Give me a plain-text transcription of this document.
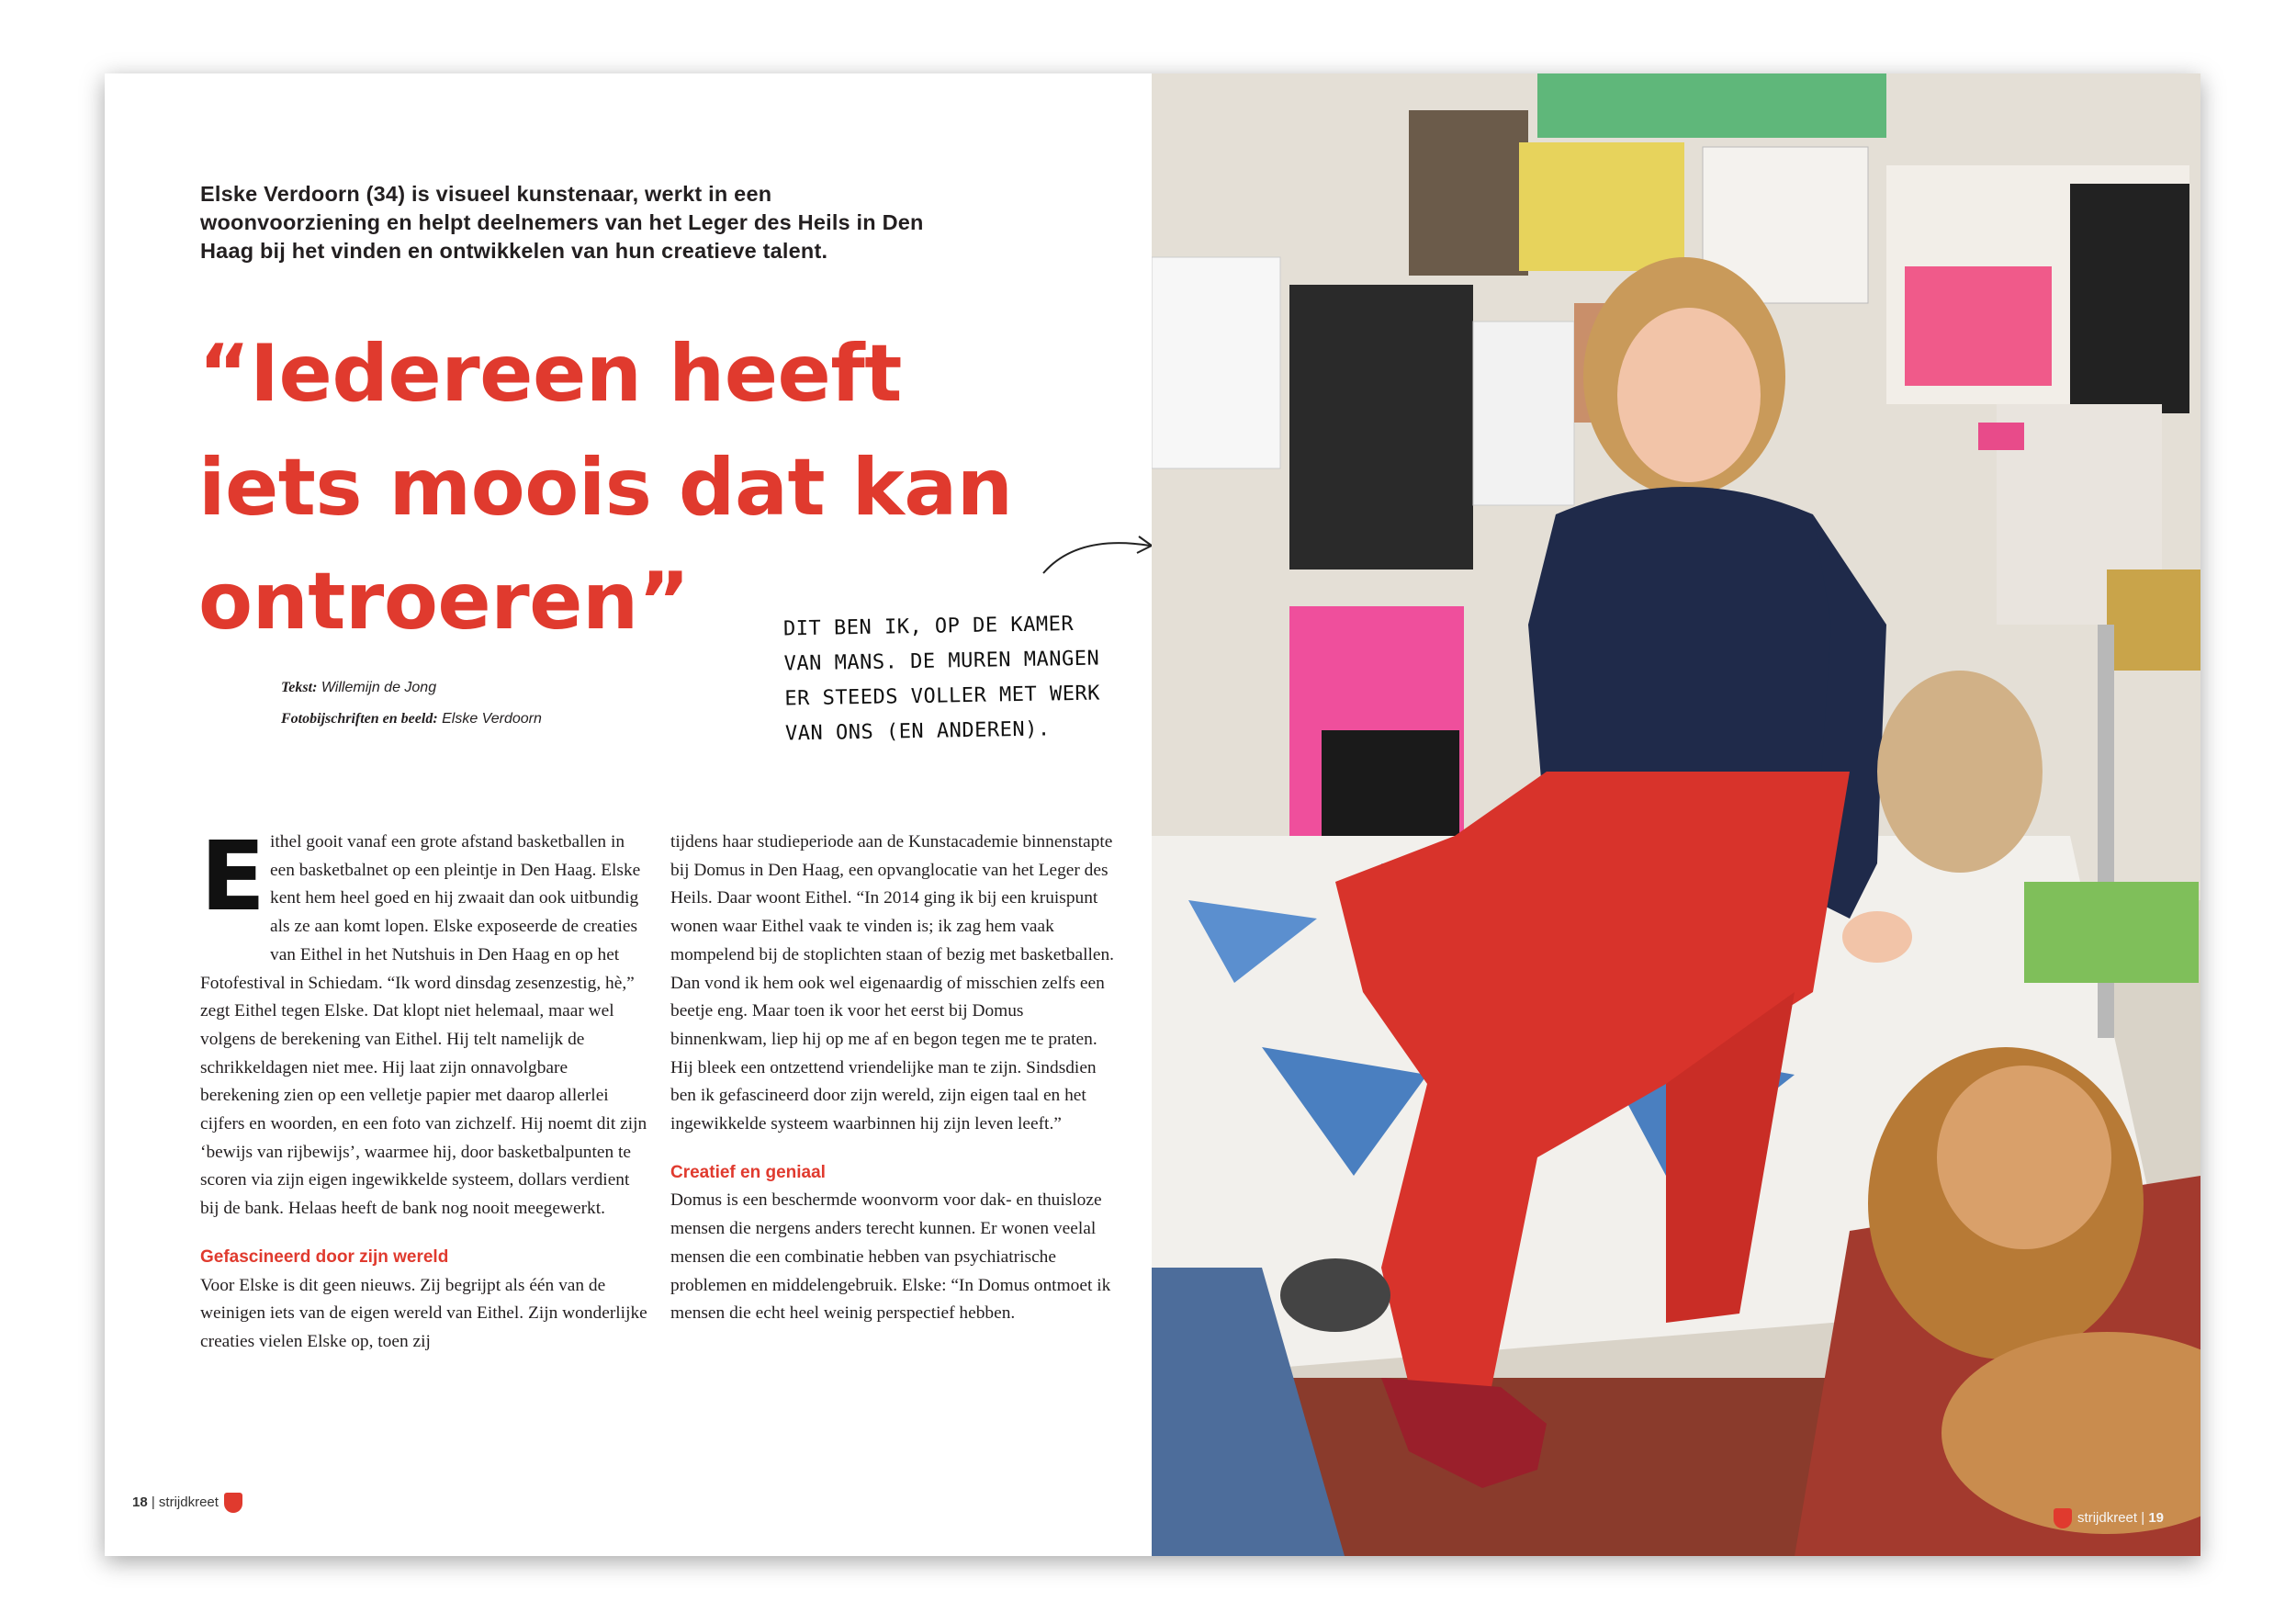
Elske Verdoorn (34) is visueel kunstenaar, werkt in een woonvoorziening en helpt deelnemers van het Leger des Heils in Den Haag bij het vinden en ontwikkelen van hun creatieve talent.
“Iedereen heeft
iets moois dat kan
ontroeren”
Tekst: Willemijn de Jong
Fotobijschriften en beeld: Elske Verdoorn
DIT BEN IK, OP DE KAMER
VAN MANS. DE MUREN MANGEN
ER STEEDS VOLLER MET WERK
VAN ONS (EN ANDEREN).
E ithel gooit vanaf een grote afstand basketballen in een basketbalnet op een pleintje in Den Haag. Elske kent hem heel goed en hij zwaait dan ook uitbundig als ze aan komt lopen. Elske exposeerde de creaties van Eithel in het Nutshuis in Den Haag en op het Fotofestival in Schiedam. “Ik word dinsdag zesenzestig, hè,” zegt Eithel tegen Elske. Dat klopt niet helemaal, maar wel volgens de berekening van Eithel. Hij telt namelijk de schrikkeldagen niet mee. Hij laat zijn onnavolgbare berekening zien op een velletje papier met daarop allerlei cijfers en woorden, en een foto van zichzelf. Hij noemt dit zijn ‘bewijs van rijbewijs’, waarmee hij, door basketbalpunten te scoren via zijn eigen ingewikkelde systeem, dollars verdient bij de bank. Helaas heeft de bank nog nooit meegewerkt.

Gefascineerd door zijn wereld

Voor Elske is dit geen nieuws. Zij begrijpt als één van de weinigen iets van de eigen wereld van Eithel. Zijn wonderlijke creaties vielen Elske op, toen zij

tijdens haar studieperiode aan de Kunstacademie binnenstapte bij Domus in Den Haag, een opvanglocatie van het Leger des Heils. Daar woont Eithel. “In 2014 ging ik bij een kruispunt wonen waar Eithel vaak te vinden is; ik zag hem vaak mompelend bij de stoplichten staan of bezig met basketballen. Dan vond ik hem ook wel eigenaardig of misschien zelfs een beetje eng. Maar toen ik voor het eerst bij Domus binnenkwam, liep hij op me af en begon tegen me te praten. Hij bleek een ontzettend vriendelijke man te zijn. Sindsdien ben ik gefascineerd door zijn wereld, zijn eigen taal en het ingewikkelde systeem waarbinnen hij zijn leven leeft.”

Creatief en geniaal

Domus is een beschermde woonvorm voor dak- en thuisloze mensen die nergens anders terecht kunnen. Er wonen veelal mensen die een combinatie hebben van psychiatrische problemen en middelengebruik. Elske: “In Domus ontmoet ik mensen die echt heel weinig perspectief hebben.

18 | strijdkreet
strijdkreet | 19
